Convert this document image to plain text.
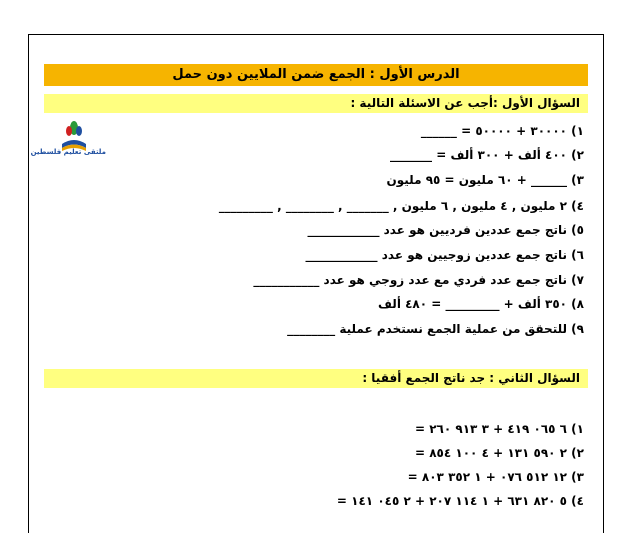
الدرس الأول : الجمع ضمن الملايين دون حمل
السؤال الأول :أجب عن الاسئلة التالية :
ملتقى تعليم فلسطين
١) ٣٠٠٠٠ + ٥٠٠٠٠ = ______
٢) ٤٠٠ ألف + ٣٠٠ ألف = _______
٣) ______ + ٦٠ مليون = ٩٥ مليون
٤) ٢ مليون , ٤ مليون , ٦ مليون , _______ , ________ , _________
٥) ناتج جمع عددين فرديين هو عدد ____________
٦) ناتج جمع عددين زوجيين هو عدد ____________
٧) ناتج جمع عدد فردي مع عدد زوجي هو عدد ___________
٨) ٣٥٠ ألف + _________ = ٤٨٠ ألف
٩) للتحقق من عملية الجمع نستخدم عملية ________
السؤال الثاني : جد ناتج الجمع أفقيا :
١) ٦ ٠٦٥ ٤١٩ + ٣ ٩١٣ ٢٦٠ =
٢) ٢ ٥٩٠ ١٣١ + ٤ ١٠٠ ٨٥٤ =
٣) ١٢ ٥١٢ ٠٧٦ + ١ ٣٥٢ ٨٠٣ =
٤) ٥ ٨٢٠ ٦٣١ + ١ ١١٤ ٢٠٧ + ٢ ٠٤٥ ١٤١ =
